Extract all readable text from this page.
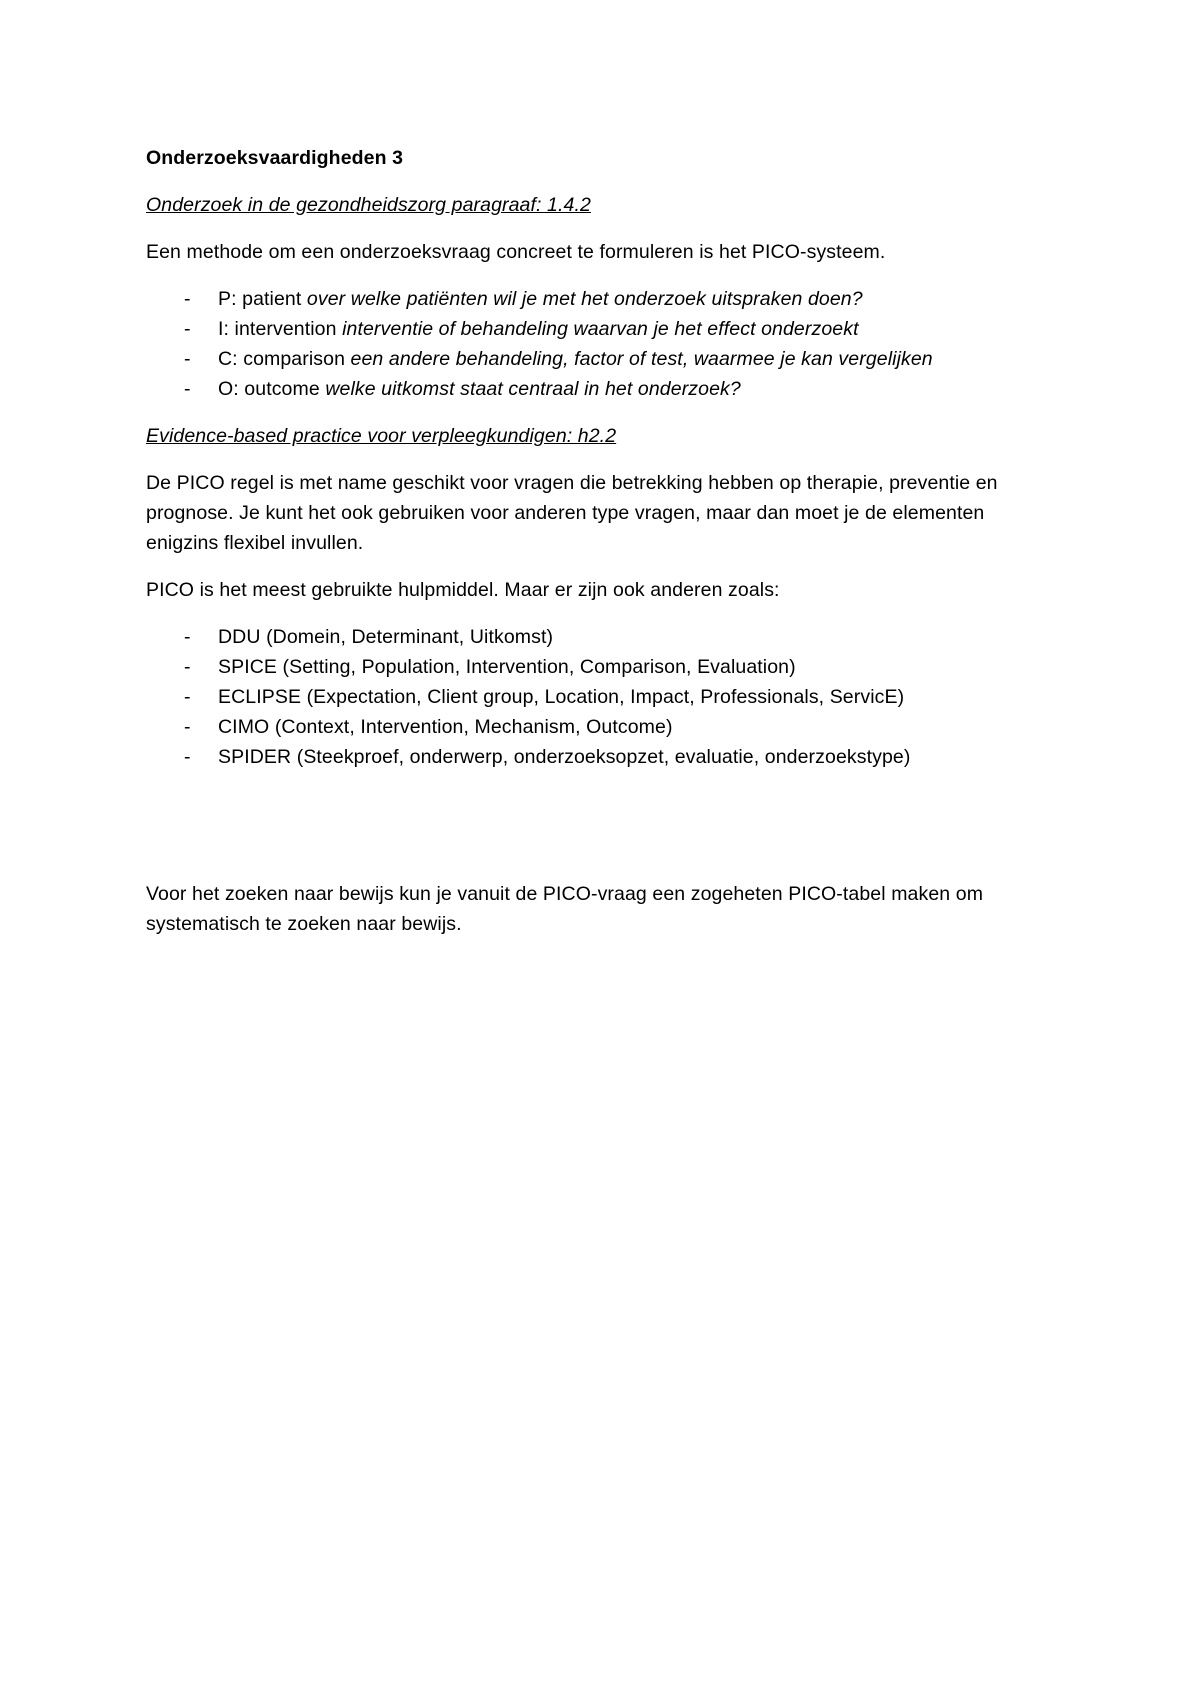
Onderzoeksvaardigheden 3
Onderzoek in de gezondheidszorg paragraaf: 1.4.2
Een methode om een onderzoeksvraag concreet te formuleren is het PICO-systeem.
- P: patient over welke patiënten wil je met het onderzoek uitspraken doen?
- I: intervention interventie of behandeling waarvan je het effect onderzoekt
- C: comparison een andere behandeling, factor of test, waarmee je kan vergelijken
- O: outcome welke uitkomst staat centraal in het onderzoek?
Evidence-based practice voor verpleegkundigen: h2.2
De PICO regel is met name geschikt voor vragen die betrekking hebben op therapie, preventie en prognose. Je kunt het ook gebruiken voor anderen type vragen, maar dan moet je de elementen enigzins flexibel invullen.
PICO is het meest gebruikte hulpmiddel. Maar er zijn ook anderen zoals:
- DDU (Domein, Determinant, Uitkomst)
- SPICE (Setting, Population, Intervention, Comparison, Evaluation)
- ECLIPSE (Expectation, Client group, Location, Impact, Professionals, ServicE)
- CIMO (Context, Intervention, Mechanism, Outcome)
- SPIDER (Steekproef, onderwerp, onderzoeksopzet, evaluatie, onderzoekstype)
Voor het zoeken naar bewijs kun je vanuit de PICO-vraag een zogeheten PICO-tabel maken om systematisch te zoeken naar bewijs.
